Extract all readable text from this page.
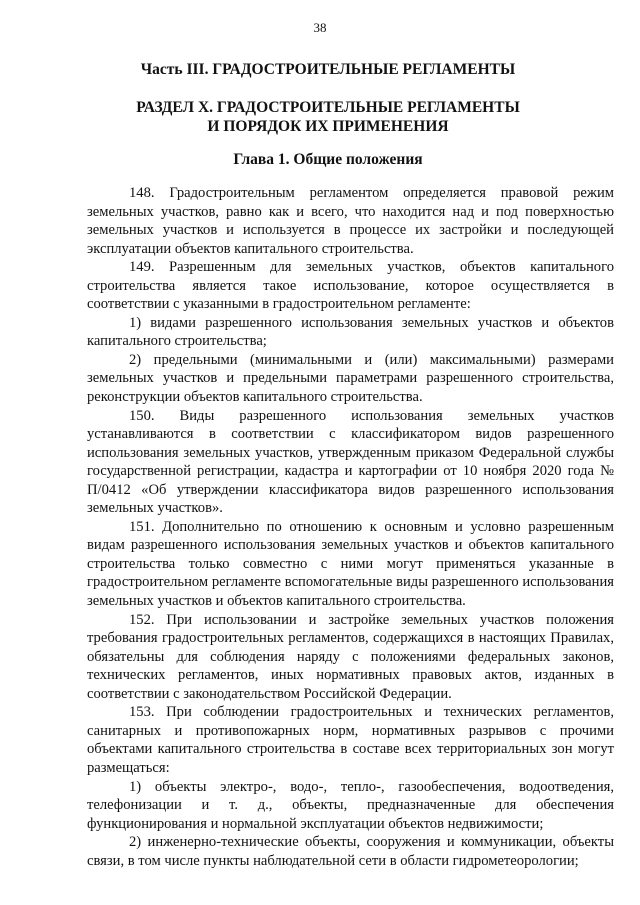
38
Часть III. ГРАДОСТРОИТЕЛЬНЫЕ РЕГЛАМЕНТЫ
РАЗДЕЛ X. ГРАДОСТРОИТЕЛЬНЫЕ РЕГЛАМЕНТЫ
И ПОРЯДОК ИХ ПРИМЕНЕНИЯ
Глава 1. Общие положения

148. Градостроительным регламентом определяется правовой режим земельных участков, равно как и всего, что находится над и под поверхностью земельных участков и используется в процессе их застройки и последующей эксплуатации объектов капитального строительства.

149. Разрешенным для земельных участков, объектов капитального строительства является такое использование, которое осуществляется в соответствии с указанными в градостроительном регламенте:

1) видами разрешенного использования земельных участков и объектов капитального строительства;

2) предельными (минимальными и (или) максимальными) размерами земельных участков и предельными параметрами разрешенного строительства, реконструкции объектов капитального строительства.

150. Виды разрешенного использования земельных участков устанавливаются в соответствии с классификатором видов разрешенного использования земельных участков, утвержденным приказом Федеральной службы государственной регистрации, кадастра и картографии от 10 ноября 2020 года № П/0412 «Об утверждении классификатора видов разрешенного использования земельных участков».

151. Дополнительно по отношению к основным и условно разрешенным видам разрешенного использования земельных участков и объектов капитального строительства только совместно с ними могут применяться указанные в градостроительном регламенте вспомогательные виды разрешенного использования земельных участков и объектов капитального строительства.

152. При использовании и застройке земельных участков положения требования градостроительных регламентов, содержащихся в настоящих Правилах, обязательны для соблюдения наряду с положениями федеральных законов, технических регламентов, иных нормативных правовых актов, изданных в соответствии с законодательством Российской Федерации.

153. При соблюдении градостроительных и технических регламентов, санитарных и противопожарных норм, нормативных разрывов с прочими объектами капитального строительства в составе всех территориальных зон могут размещаться:

1) объекты электро-, водо-, тепло-, газообеспечения, водоотведения, телефонизации и т. д., объекты, предназначенные для обеспечения функционирования и нормальной эксплуатации объектов недвижимости;

2) инженерно-технические объекты, сооружения и коммуникации, объекты связи, в том числе пункты наблюдательной сети в области гидрометеорологии;
